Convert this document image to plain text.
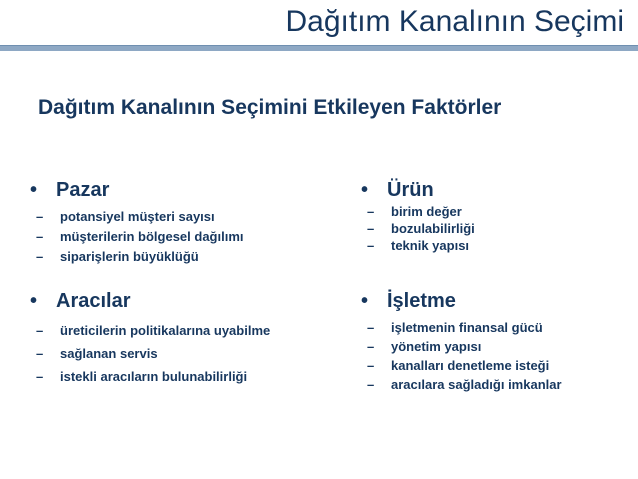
Dağıtım Kanalının Seçimi
Dağıtım Kanalının Seçimini Etkileyen Faktörler
• Pazar
– potansiyel müşteri sayısı
– müşterilerin bölgesel dağılımı
– siparişlerin büyüklüğü
• Ürün
– birim değer
– bozulabilirliği
– teknik yapısı
• Aracılar
– üreticilerin politikalarına uyabilme
– sağlanan servis
– istekli aracıların bulunabilirliği
• İşletme
– işletmenin finansal gücü
– yönetim yapısı
– kanalları denetleme isteği
– aracılara sağladığı imkanlar
